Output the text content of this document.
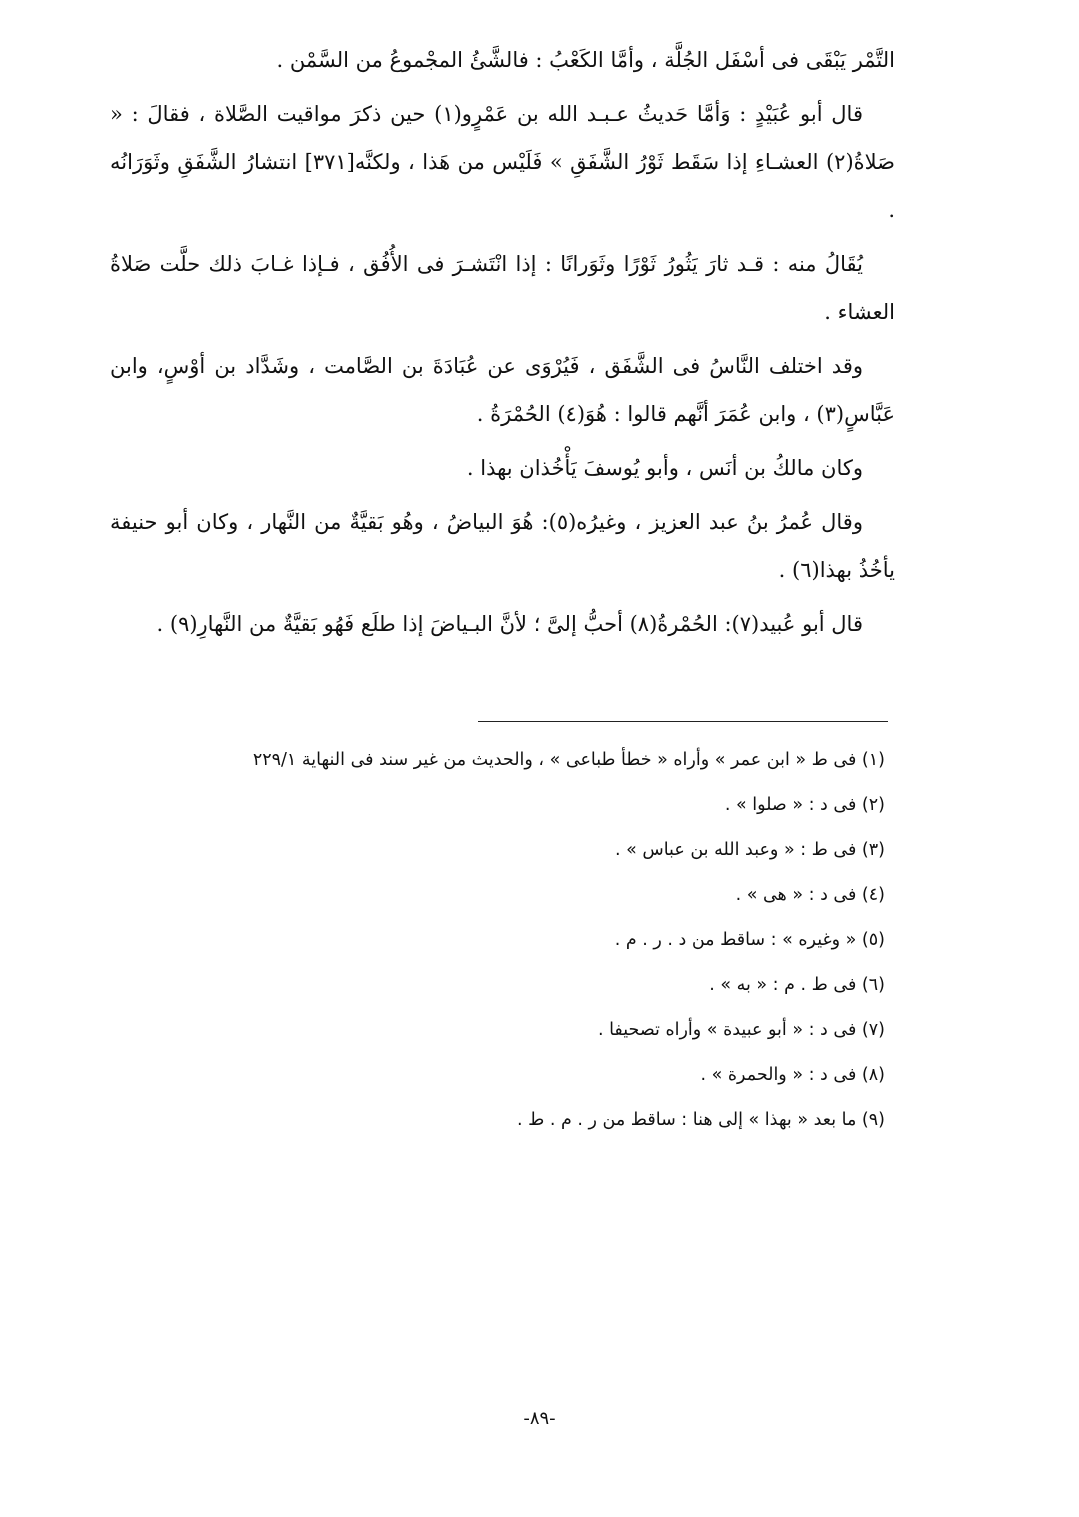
التَّمْر يَبْقَى فى أسْفَل الجُلَّة ، وأمَّا الكَعْبُ : فالشَّئُ المجْموعُ من السَّمْن .

قال أبو عُبَيْدٍ : وَأمَّا حَديثُ عـبـد الله بن عَمْرٍو(١) حين ذكرَ مواقيت الصَّلاة ، فقالَ : « صَلاةُ(٢) العشـاءِ إذا سَقَط ثَوْرُ الشَّفَقِ » فَلَيْس من هَذا ، ولكنَّه[٣٧١] انتشارُ الشَّفَقِ وثَوَرَانُه .

يُقَالُ منه : قـد ثارَ يَثُورُ ثَوْرًا وثَوَرانًا : إذا انْتَشـرَ فى الأُفُق ، فـإذا غـابَ ذلك حلَّت صَلاةُ العشاء .

وقد اختلف النَّاسُ فى الشَّفَق ، فَيُرْوَى عن عُبَادَةَ بن الصَّامت ، وشَدَّاد بن أوْسٍ، وابن عَبَّاسٍ(٣) ، وابن عُمَرَ أنَّهم قالوا : هُوَ(٤) الحُمْرَةُ .

وكان مالكُ بن أنَس ، وأبو يُوسفَ يَأْخُذان بهذا .

وقال عُمرُ بنُ عبد العزيز ، وغيرُه(٥): هُوَ البياضُ ، وهُو بَقيَّةٌ من النَّهار ، وكان أبو حنيفة يأخُذُ بهذا(٦) .

قال أبو عُبيد(٧): الحُمْرةُ(٨) أحبُّ إلىَّ ؛ لأنَّ البـياضَ إذا طلَع فَهُو بَقيَّةٌ من النَّهارِ(٩) .

(١) فى ط « ابن عمر » وأراه « خطأ طباعى » ، والحديث من غير سند فى النهاية ٢٢٩/١

(٢) فى د : « صلوا » .

(٣) فى ط : « وعبد الله بن عباس » .

(٤) فى د : « هى » .

(٥) « وغيره » : ساقط من د . ر . م .

(٦) فى ط . م : « به » .

(٧) فى د : « أبو عبيدة » وأراه تصحيفا .

(٨) فى د : « والحمرة » .

(٩) ما بعد « بهذا » إلى هنا : ساقط من ر . م . ط .

-٨٩-
